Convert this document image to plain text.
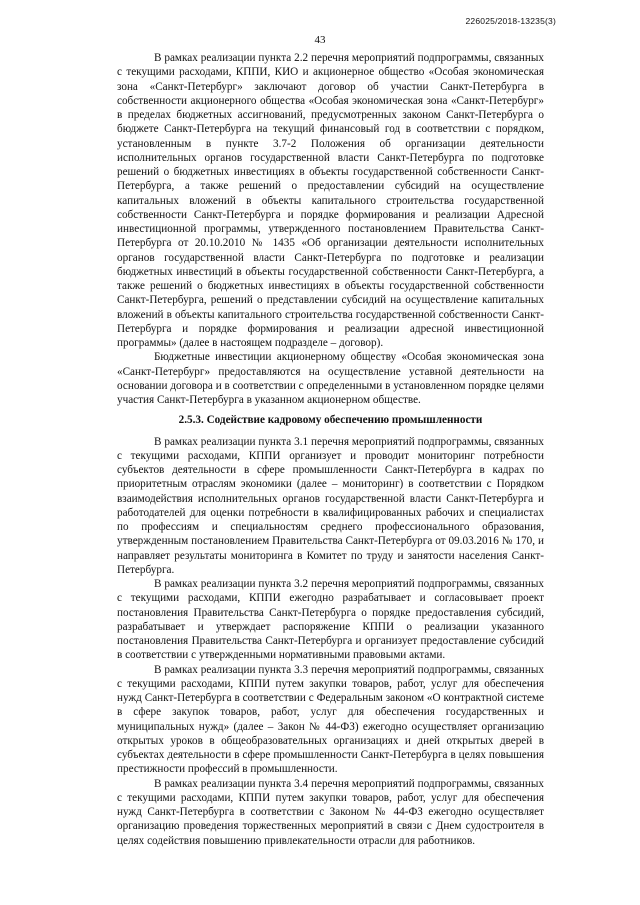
226025/2018-13235(3)
43

В рамках реализации пункта 2.2 перечня мероприятий подпрограммы, связанных с текущими расходами, КППИ, КИО и акционерное общество «Особая экономическая зона «Санкт-Петербург» заключают договор об участии Санкт-Петербурга в собственности акционерного общества «Особая экономическая зона «Санкт-Петербург» в пределах бюджетных ассигнований, предусмотренных законом Санкт-Петербурга о бюджете Санкт-Петербурга на текущий финансовый год в соответствии с порядком, установленным в пункте 3.7-2 Положения об организации деятельности исполнительных органов государственной власти Санкт-Петербурга по подготовке решений о бюджетных инвестициях в объекты государственной собственности Санкт-Петербурга, а также решений о предоставлении субсидий на осуществление капитальных вложений в объекты капитального строительства государственной собственности Санкт-Петербурга и порядке формирования и реализации Адресной инвестиционной программы, утвержденного постановлением Правительства Санкт-Петербурга от 20.10.2010 № 1435 «Об организации деятельности исполнительных органов государственной власти Санкт-Петербурга по подготовке и реализации бюджетных инвестиций в объекты государственной собственности Санкт-Петербурга, а также решений о бюджетных инвестициях в объекты государственной собственности Санкт-Петербурга, решений о представлении субсидий на осуществление капитальных вложений в объекты капитального строительства государственной собственности Санкт-Петербурга и порядке формирования и реализации адресной инвестиционной программы» (далее в настоящем подразделе – договор).

Бюджетные инвестиции акционерному обществу «Особая экономическая зона «Санкт-Петербург» предоставляются на осуществление уставной деятельности на основании договора и в соответствии с определенными в установленном порядке целями участия Санкт-Петербурга в указанном акционерном обществе.

2.5.3. Содействие кадровому обеспечению промышленности

В рамках реализации пункта 3.1 перечня мероприятий подпрограммы, связанных с текущими расходами, КППИ организует и проводит мониторинг потребности субъектов деятельности в сфере промышленности Санкт-Петербурга в кадрах по приоритетным отраслям экономики (далее – мониторинг) в соответствии с Порядком взаимодействия исполнительных органов государственной власти Санкт-Петербурга и работодателей для оценки потребности в квалифицированных рабочих и специалистах по профессиям и специальностям среднего профессионального образования, утвержденным постановлением Правительства Санкт-Петербурга от 09.03.2016 № 170, и направляет результаты мониторинга в Комитет по труду и занятости населения Санкт-Петербурга.

В рамках реализации пункта 3.2 перечня мероприятий подпрограммы, связанных с текущими расходами, КППИ ежегодно разрабатывает и согласовывает проект постановления Правительства Санкт-Петербурга о порядке предоставления субсидий, разрабатывает и утверждает распоряжение КППИ о реализации указанного постановления Правительства Санкт-Петербурга и организует предоставление субсидий в соответствии с утвержденными нормативными правовыми актами.

В рамках реализации пункта 3.3 перечня мероприятий подпрограммы, связанных с текущими расходами, КППИ путем закупки товаров, работ, услуг для обеспечения нужд Санкт-Петербурга в соответствии с Федеральным законом «О контрактной системе в сфере закупок товаров, работ, услуг для обеспечения государственных и муниципальных нужд» (далее – Закон № 44-ФЗ) ежегодно осуществляет организацию открытых уроков в общеобразовательных организациях и дней открытых дверей в субъектах деятельности в сфере промышленности Санкт-Петербурга в целях повышения престижности профессий в промышленности.

В рамках реализации пункта 3.4 перечня мероприятий подпрограммы, связанных с текущими расходами, КППИ путем закупки товаров, работ, услуг для обеспечения нужд Санкт-Петербурга в соответствии с Законом № 44-ФЗ ежегодно осуществляет организацию проведения торжественных мероприятий в связи с Днем судостроителя в целях содействия повышению привлекательности отрасли для работников.
